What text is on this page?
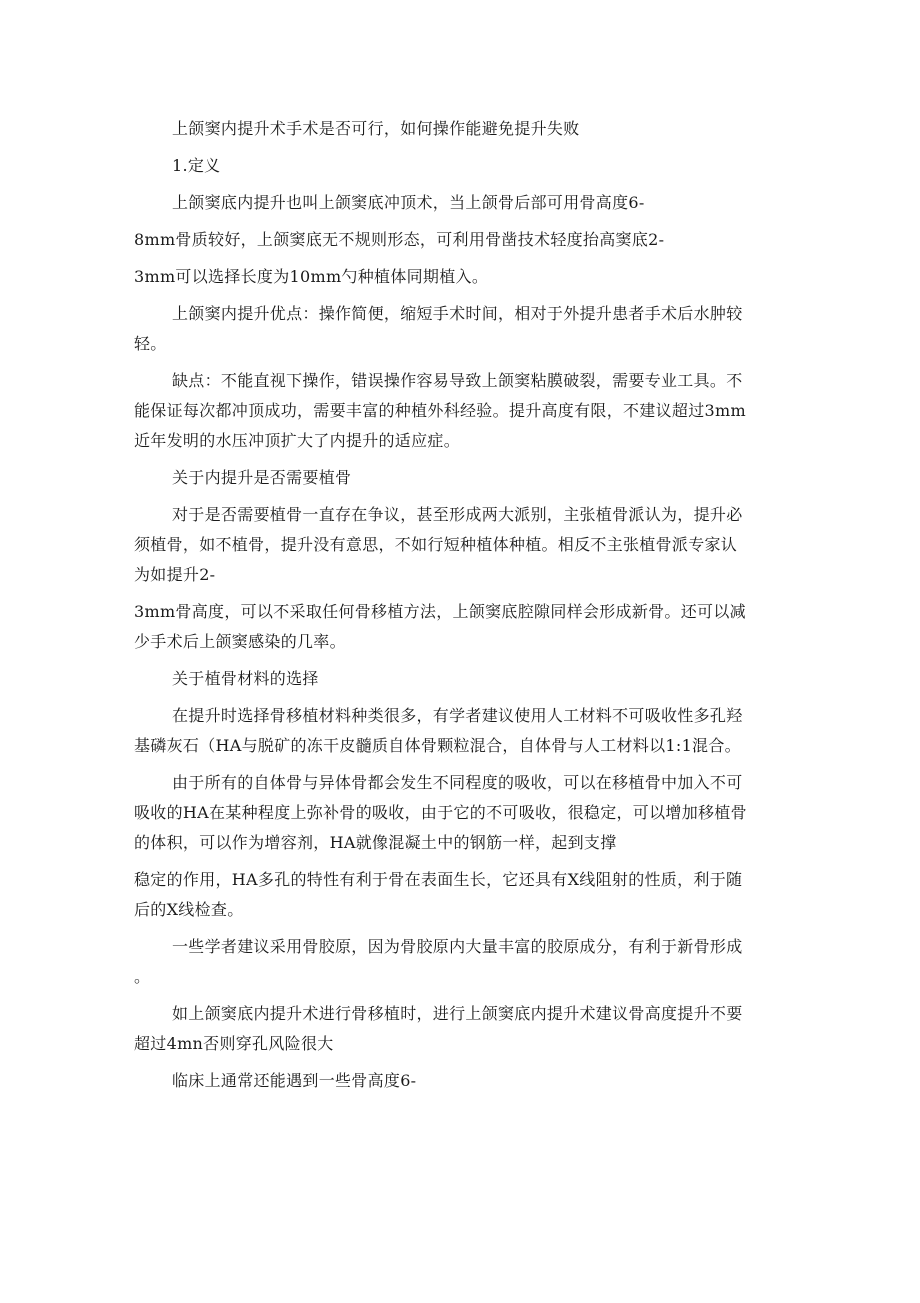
上颌窦内提升术手术是否可行，如何操作能避免提升失败
1.定义
上颌窦底内提升也叫上颌窦底冲顶术，当上颌骨后部可用骨高度6-
8mm骨质较好，上颌窦底无不规则形态，可利用骨凿技术轻度抬高窦底2-
3mm可以选择长度为10mm勺种植体同期植入。
上颌窦内提升优点：操作简便，缩短手术时间，相对于外提升患者手术后水肿较
轻。
缺点：不能直视下操作，错误操作容易导致上颌窦粘膜破裂，需要专业工具。不
能保证每次都冲顶成功，需要丰富的种植外科经验。提升高度有限，不建议超过3mm
近年发明的水压冲顶扩大了内提升的适应症。
关于内提升是否需要植骨
对于是否需要植骨一直存在争议，甚至形成两大派别，主张植骨派认为，提升必
须植骨，如不植骨，提升没有意思，不如行短种植体种植。相反不主张植骨派专家认
为如提升2-
3mm骨高度，可以不采取任何骨移植方法，上颌窦底腔隙同样会形成新骨。还可以减
少手术后上颌窦感染的几率。
关于植骨材料的选择
在提升时选择骨移植材料种类很多，有学者建议使用人工材料不可吸收性多孔羟
基磷灰石（HA与脱矿的冻干皮髓质自体骨颗粒混合，自体骨与人工材料以1:1混合。
由于所有的自体骨与异体骨都会发生不同程度的吸收，可以在移植骨中加入不可
吸收的HA在某种程度上弥补骨的吸收，由于它的不可吸收，很稳定，可以增加移植骨
的体积，可以作为增容剂，HA就像混凝土中的钢筋一样，起到支撑
稳定的作用，HA多孔的特性有利于骨在表面生长，它还具有X线阻射的性质，利于随
后的X线检查。
一些学者建议采用骨胶原，因为骨胶原内大量丰富的胶原成分，有利于新骨形成
。
如上颌窦底内提升术进行骨移植时，进行上颌窦底内提升术建议骨高度提升不要
超过4mn否则穿孔风险很大
临床上通常还能遇到一些骨高度6-
